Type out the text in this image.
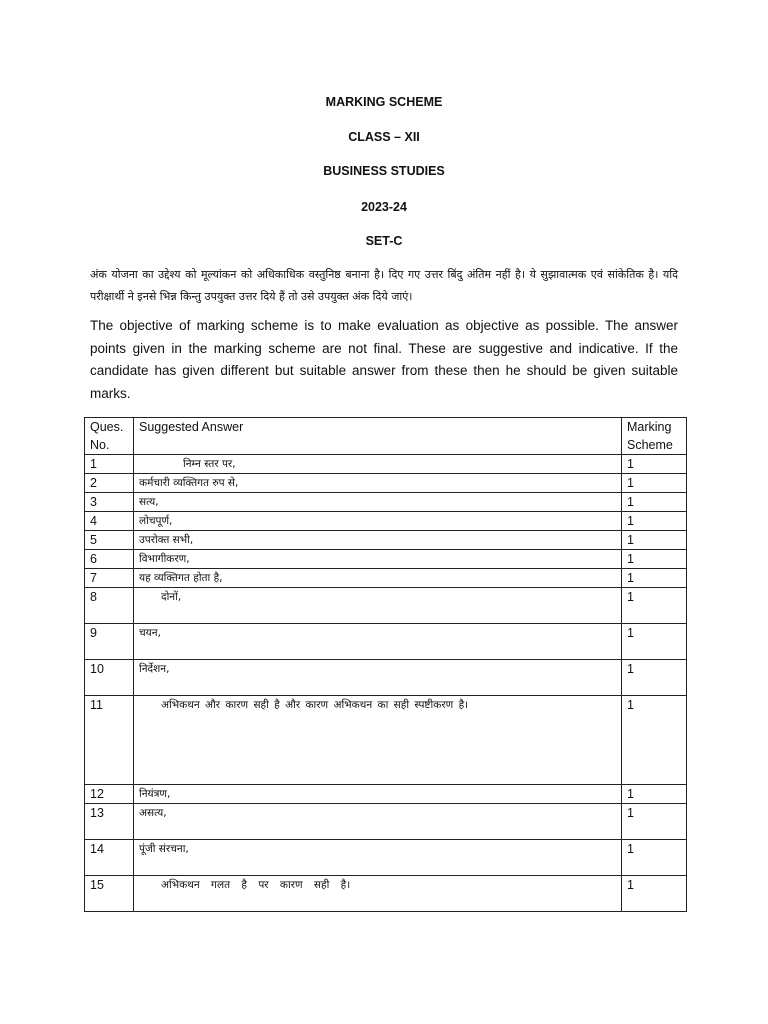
MARKING SCHEME
CLASS – XII
BUSINESS STUDIES
2023-24
SET-C

अंक योजना का उद्देश्य को मूल्यांकन को अधिकाधिक वस्तुनिष्ठ बनाना है। दिए गए उत्तर बिंदु अंतिम नहीं है। ये सुझावात्मक एवं सांकेतिक है। यदि परीक्षार्थी ने इनसे भिन्न किन्तु उपयुक्त उत्तर दिये हैं तो उसे उपयुक्त अंक दिये जाएं।

The objective of marking scheme is to make evaluation as objective as possible. The answer points given in the marking scheme are not final. These are suggestive and indicative. If the candidate has given different but suitable answer from these then he should be given suitable marks.

Ques. No.	Suggested Answer	Marking Scheme
1	निम्न स्तर पर,	1
2	कर्मचारी व्यक्तिगत रुप से,	1
3	सत्य,	1
4	लोचपूर्ण,	1
5	उपरोक्त सभी,	1
6	विभागीकरण,	1
7	यह व्यक्तिगत होता है,	1
8	दोनों,	1
9	चयन,	1
10	निर्देशन,	1
11	अभिकथन और कारण सही है और कारण अभिकथन का सही स्पष्टीकरण है।	1
12	नियंत्रण,	1
13	असत्य,	1
14	पूंजी संरचना,	1
15	अभिकथन गलत है पर कारण सही है।	1
